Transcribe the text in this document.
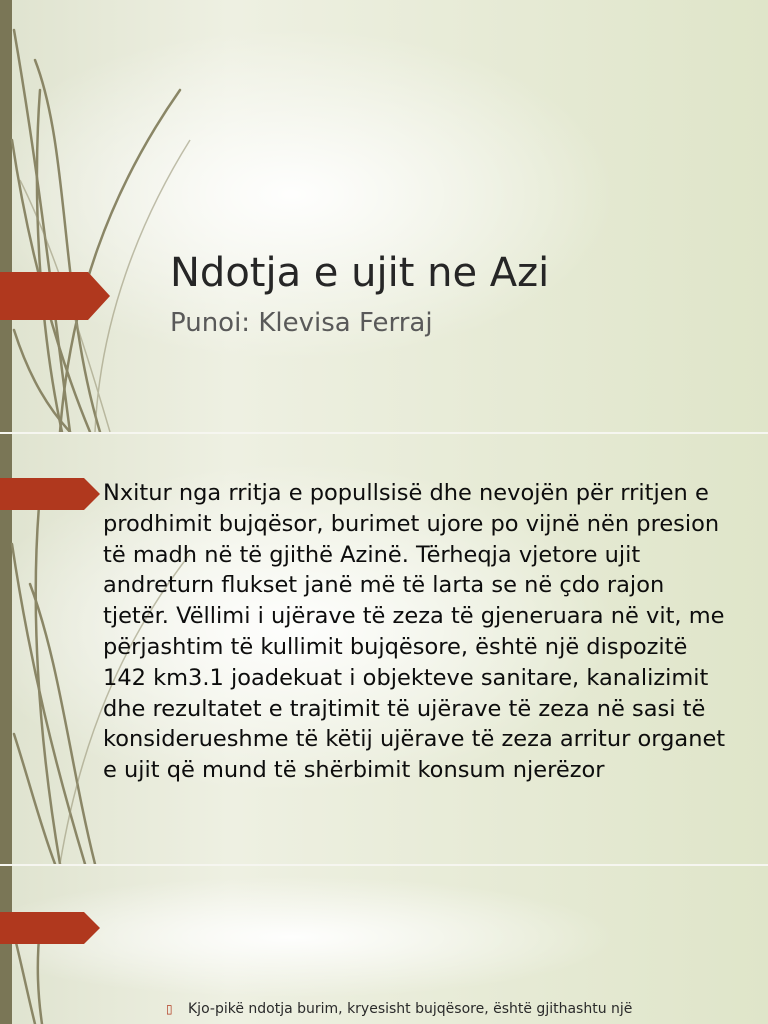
Ndotja e ujit ne Azi

Punoi: Klevisa Ferraj

Nxitur nga rritja e popullsisë dhe nevojën për rritjen e prodhimit bujqësor, burimet ujore po vijnë nën presion të madh në të gjithë Azinë. Tërheqja vjetore ujit andreturn flukset janë më të larta se në çdo rajon tjetër. Vëllimi i ujërave të zeza të gjeneruara në vit, me përjashtim të kullimit bujqësore, është një dispozitë 142 km3.1 joadekuat i objekteve sanitare, kanalizimit dhe rezultatet e trajtimit të ujërave të zeza në sasi të konsiderueshme të këtij ujërave të zeza arritur organet e ujit që mund të shërbimit konsum njerëzor

▯ Kjo-pikë ndotja burim, kryesisht bujqësore, është gjithashtu një
